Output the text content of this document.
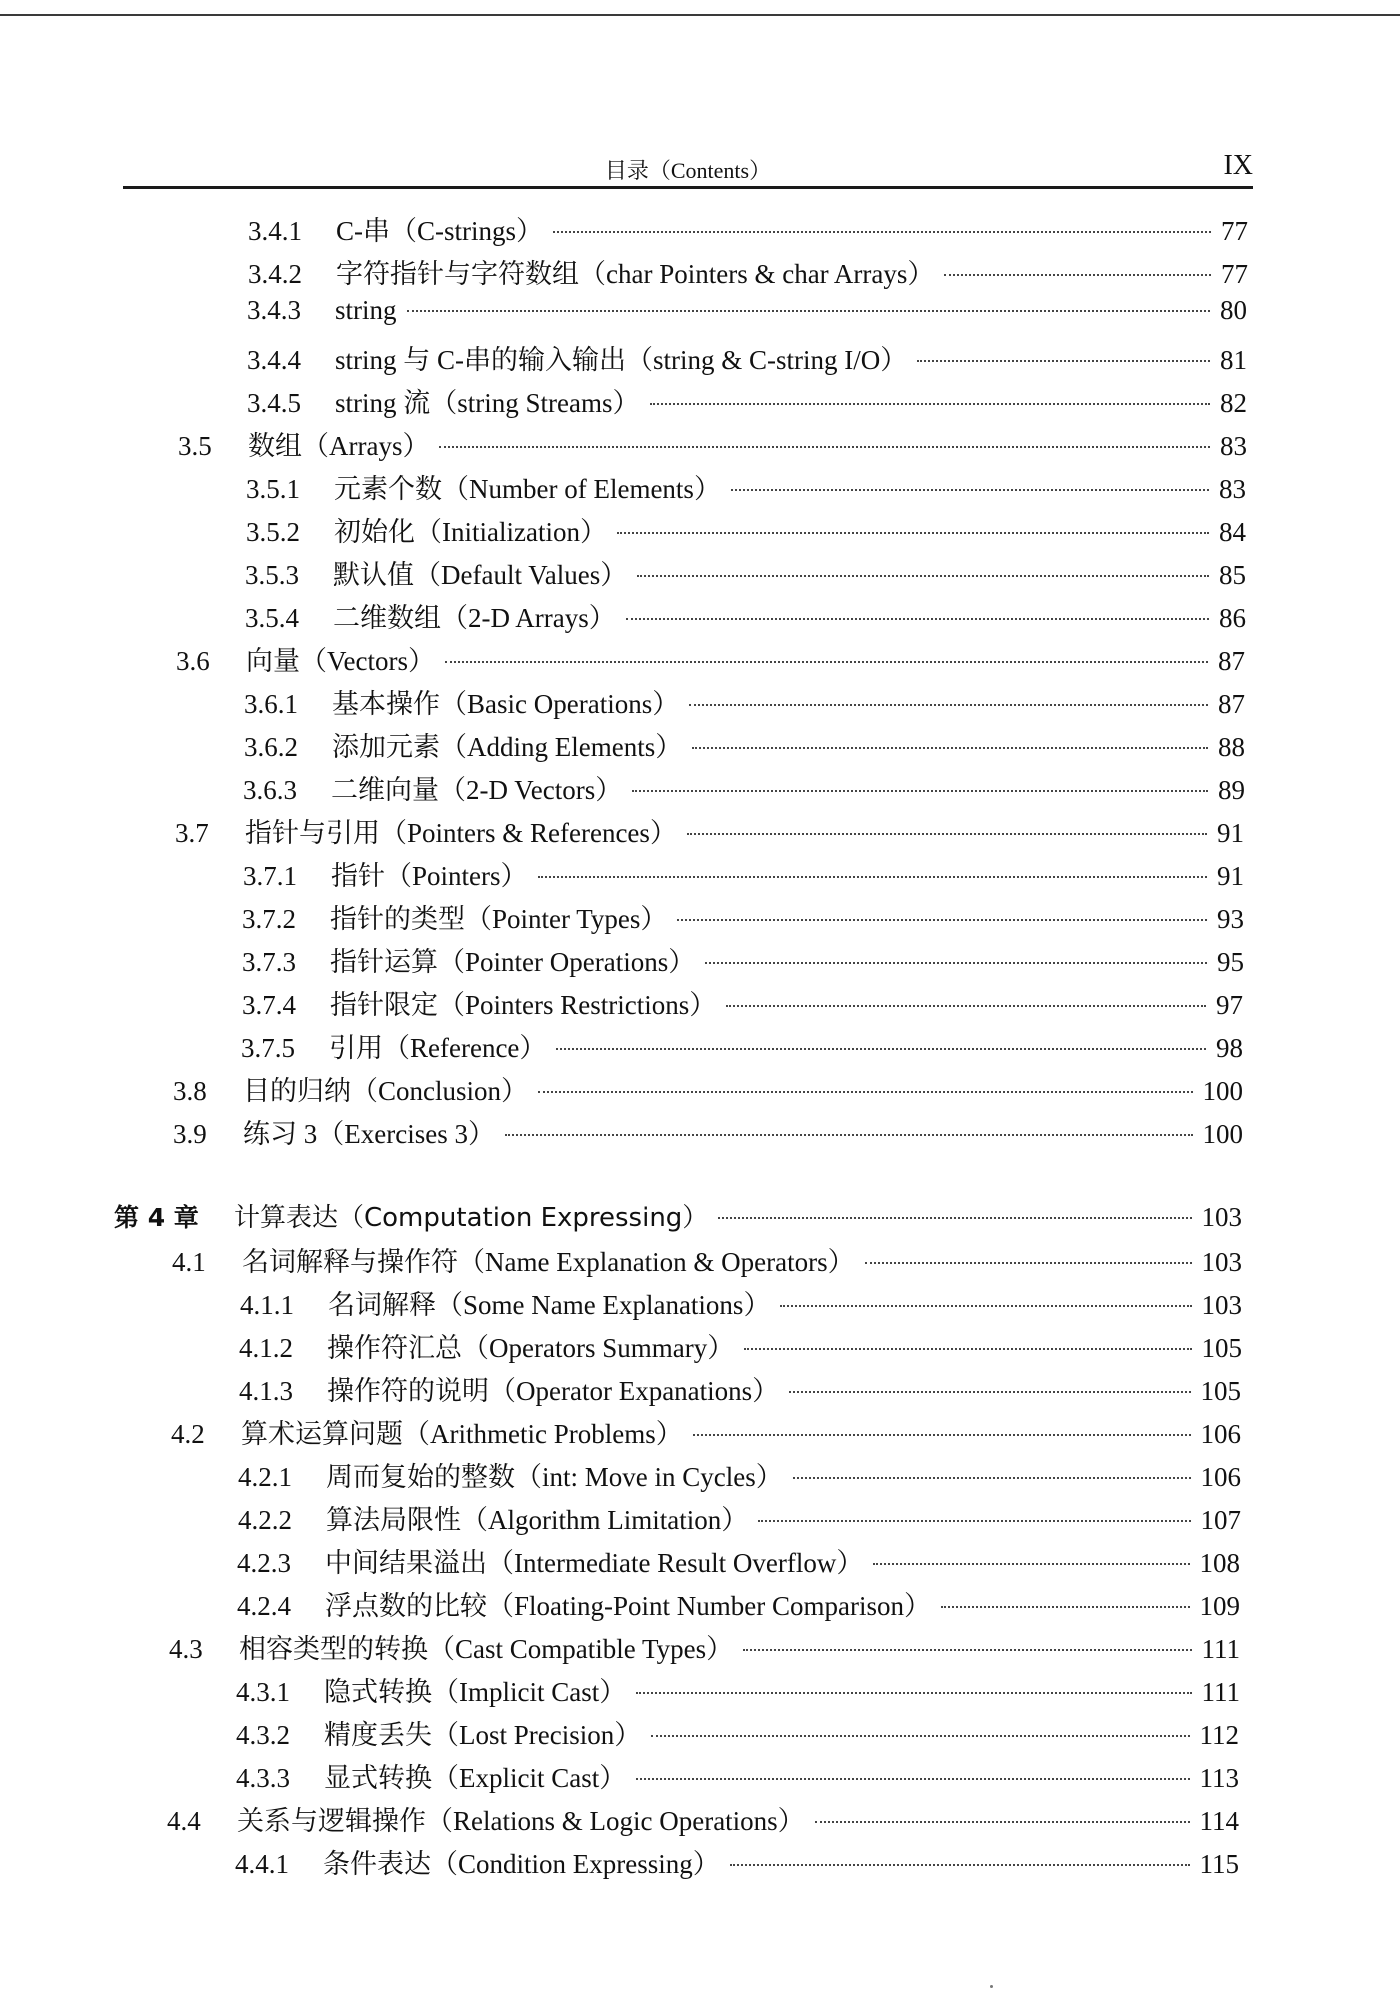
目录（Contents）	IX
3.4.1	C-串（C-strings）	77
3.4.2	字符指针与字符数组（char Pointers & char Arrays）	77
3.4.3	string	80
3.4.4	string 与 C-串的输入输出（string & C-string I/O）	81
3.4.5	string 流（string Streams）	82
3.5	数组（Arrays）	83
3.5.1	元素个数（Number of Elements）	83
3.5.2	初始化（Initialization）	84
3.5.3	默认值（Default Values）	85
3.5.4	二维数组（2-D Arrays）	86
3.6	向量（Vectors）	87
3.6.1	基本操作（Basic Operations）	87
3.6.2	添加元素（Adding Elements）	88
3.6.3	二维向量（2-D Vectors）	89
3.7	指针与引用（Pointers & References）	91
3.7.1	指针（Pointers）	91
3.7.2	指针的类型（Pointer Types）	93
3.7.3	指针运算（Pointer Operations）	95
3.7.4	指针限定（Pointers Restrictions）	97
3.7.5	引用（Reference）	98
3.8	目的归纳（Conclusion）	100
3.9	练习 3（Exercises 3）	100
第 4 章	计算表达（Computation Expressing）	103
4.1	名词解释与操作符（Name Explanation & Operators）	103
4.1.1	名词解释（Some Name Explanations）	103
4.1.2	操作符汇总（Operators Summary）	105
4.1.3	操作符的说明（Operator Expanations）	105
4.2	算术运算问题（Arithmetic Problems）	106
4.2.1	周而复始的整数（int: Move in Cycles）	106
4.2.2	算法局限性（Algorithm Limitation）	107
4.2.3	中间结果溢出（Intermediate Result Overflow）	108
4.2.4	浮点数的比较（Floating-Point Number Comparison）	109
4.3	相容类型的转换（Cast Compatible Types）	111
4.3.1	隐式转换（Implicit Cast）	111
4.3.2	精度丢失（Lost Precision）	112
4.3.3	显式转换（Explicit Cast）	113
4.4	关系与逻辑操作（Relations & Logic Operations）	114
4.4.1	条件表达（Condition Expressing）	115
